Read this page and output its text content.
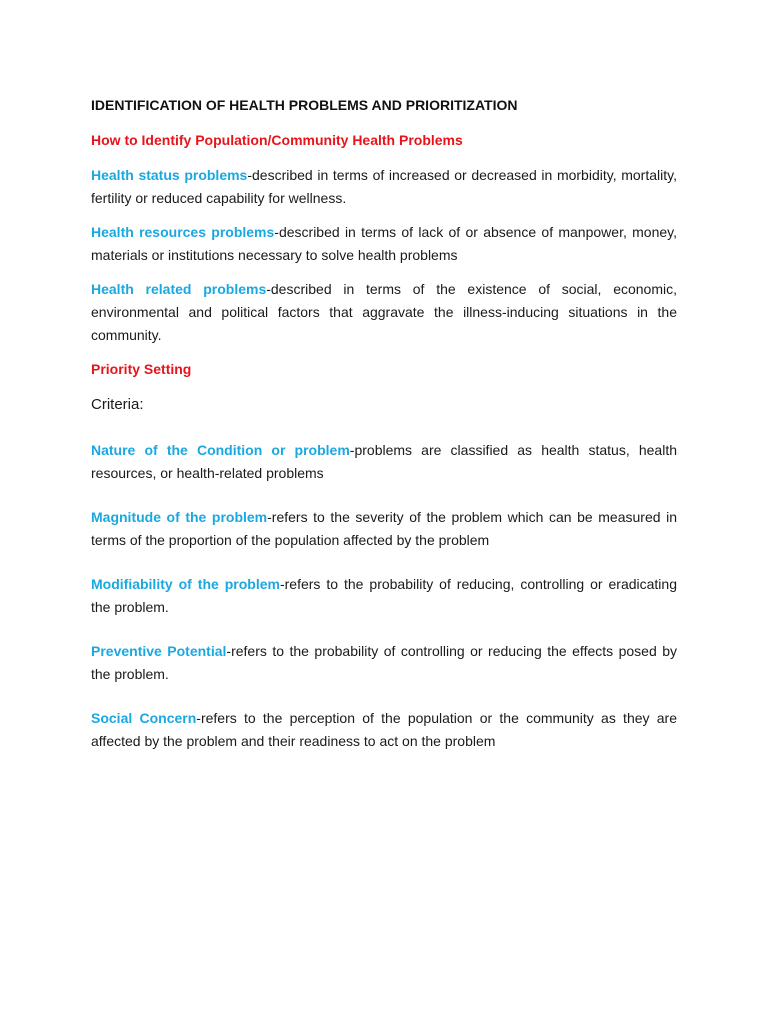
IDENTIFICATION OF HEALTH PROBLEMS AND PRIORITIZATION

How to Identify Population/Community Health Problems

Health status problems-described in terms of increased or decreased in morbidity, mortality, fertility or reduced capability for wellness.

Health resources problems-described in terms of lack of or absence of manpower, money, materials or institutions necessary to solve health problems

Health related problems-described in terms of the existence of social, economic, environmental and political factors that aggravate the illness-inducing situations in the community.

Priority Setting

Criteria:

Nature of the Condition or problem-problems are classified as health status, health resources, or health-related problems

Magnitude of the problem-refers to the severity of the problem which can be measured in terms of the proportion of the population affected by the problem

Modifiability of the problem-refers to the probability of reducing, controlling or eradicating the problem.

Preventive Potential-refers to the probability of controlling or reducing the effects posed by the problem.

Social Concern-refers to the perception of the population or the community as they are affected by the problem and their readiness to act on the problem
